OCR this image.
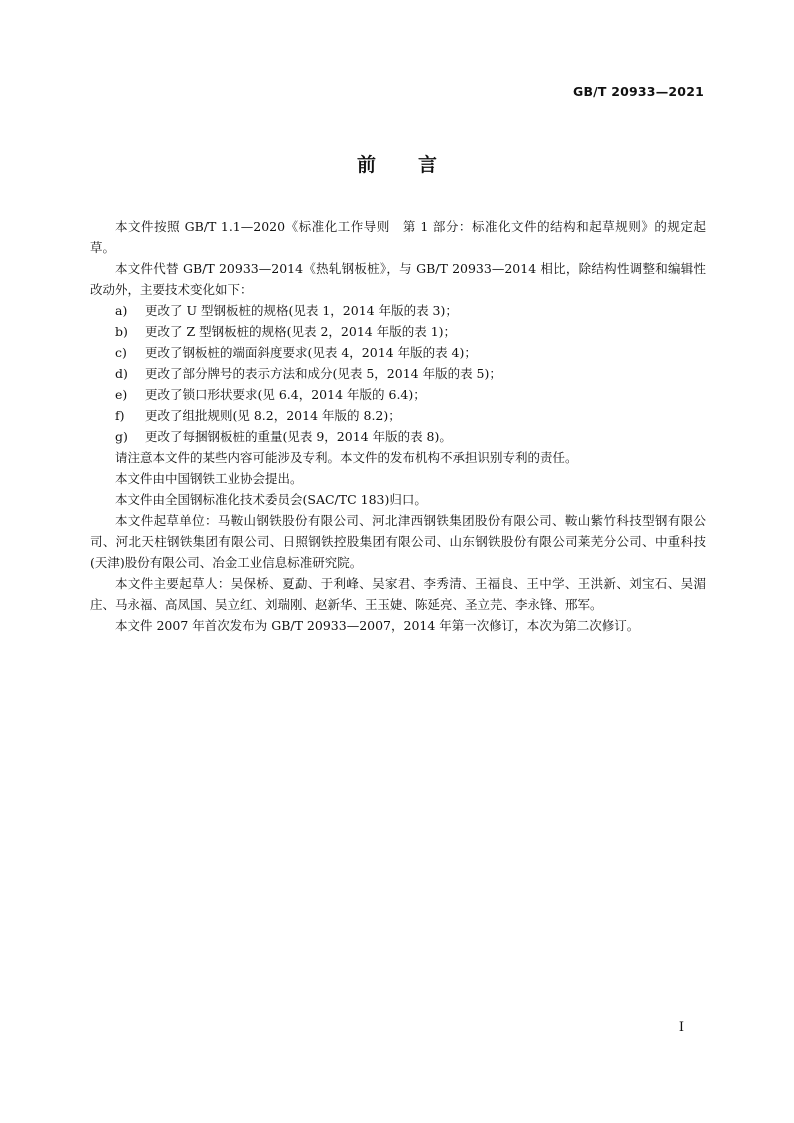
GB/T 20933—2021
前 言

本文件按照 GB/T 1.1—2020《标准化工作导则　第 1 部分：标准化文件的结构和起草规则》的规定起草。

本文件代替 GB/T 20933—2014《热轧钢板桩》，与 GB/T 20933—2014 相比，除结构性调整和编辑性改动外，主要技术变化如下：

a) 更改了 U 型钢板桩的规格(见表 1，2014 年版的表 3)；

b) 更改了 Z 型钢板桩的规格(见表 2，2014 年版的表 1)；

c) 更改了钢板桩的端面斜度要求(见表 4，2014 年版的表 4)；

d) 更改了部分牌号的表示方法和成分(见表 5，2014 年版的表 5)；

e) 更改了锁口形状要求(见 6.4，2014 年版的 6.4)；

f) 更改了组批规则(见 8.2，2014 年版的 8.2)；

g) 更改了每捆钢板桩的重量(见表 9，2014 年版的表 8)。

请注意本文件的某些内容可能涉及专利。本文件的发布机构不承担识别专利的责任。

本文件由中国钢铁工业协会提出。

本文件由全国钢标准化技术委员会(SAC/TC 183)归口。

本文件起草单位：马鞍山钢铁股份有限公司、河北津西钢铁集团股份有限公司、鞍山紫竹科技型钢有限公司、河北天柱钢铁集团有限公司、日照钢铁控股集团有限公司、山东钢铁股份有限公司莱芜分公司、中重科技(天津)股份有限公司、冶金工业信息标准研究院。

本文件主要起草人：吴保桥、夏勐、于利峰、吴家君、李秀清、王福良、王中学、王洪新、刘宝石、吴湄庄、马永福、高凤国、吴立红、刘瑞刚、赵新华、王玉婕、陈延亮、圣立芫、李永锋、邢军。

本文件 2007 年首次发布为 GB/T 20933—2007，2014 年第一次修订，本次为第二次修订。

I
